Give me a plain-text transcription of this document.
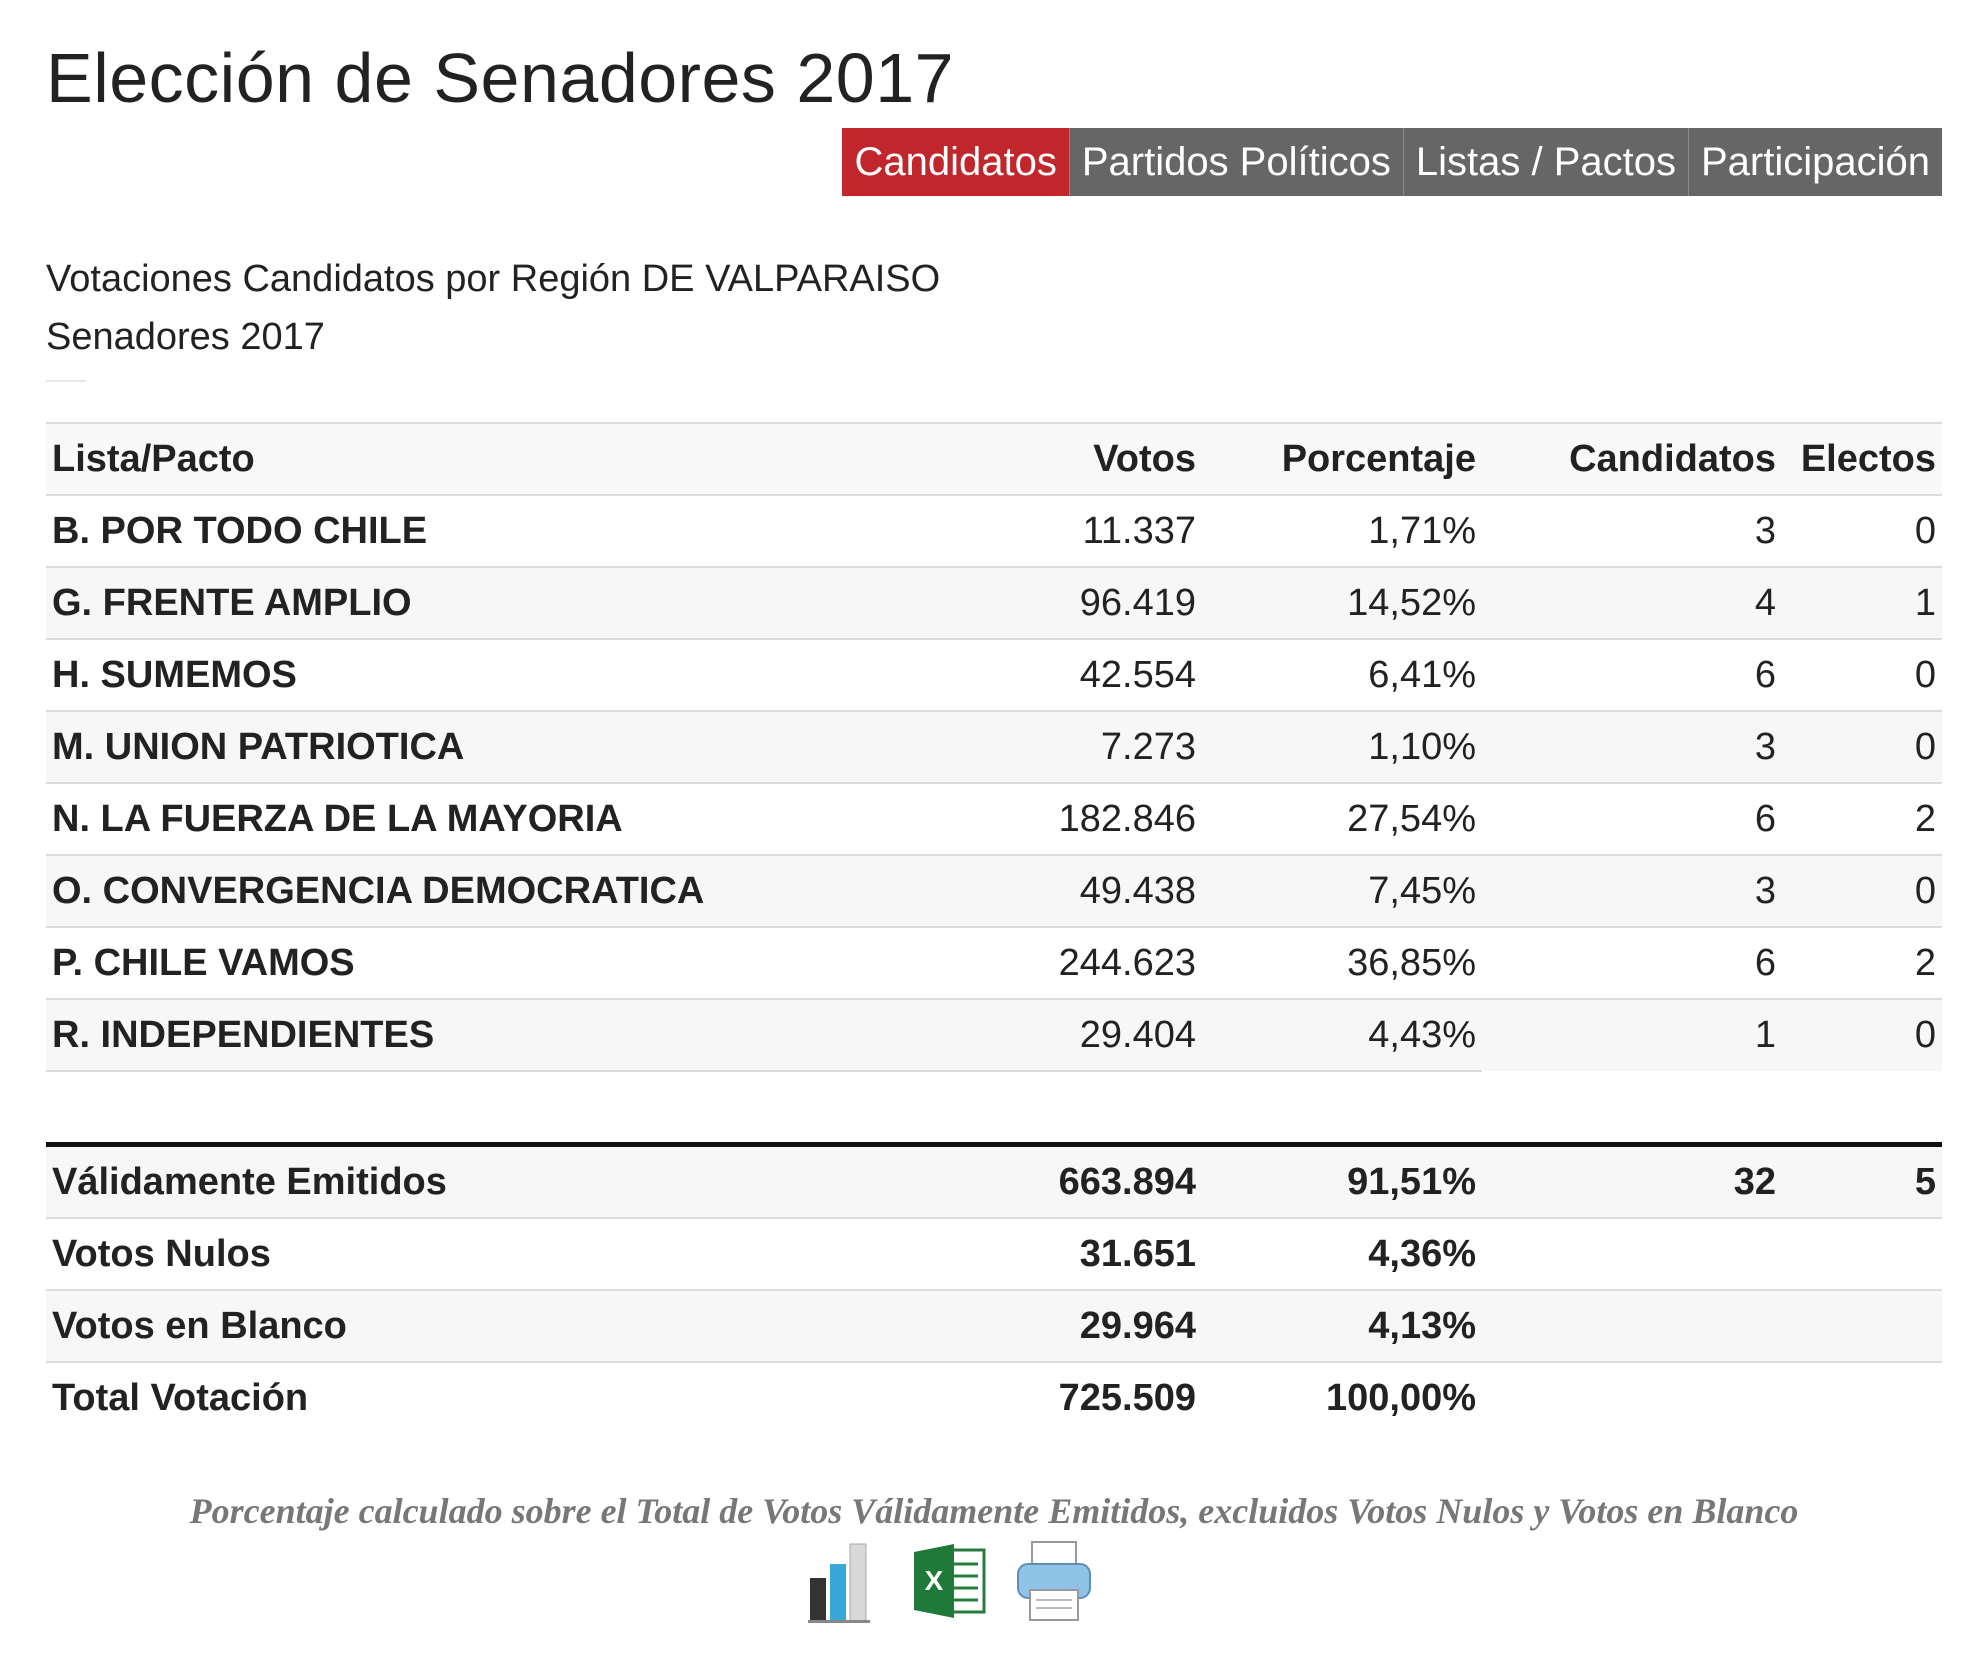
Elección de Senadores 2017
Candidatos Partidos Políticos Listas / Pactos Participación
Votaciones Candidatos por Región DE VALPARAISO
Senadores 2017
Lista/Pacto	Votos	Porcentaje	Candidatos	Electos
B. POR TODO CHILE	11.337	1,71%	3	0
G. FRENTE AMPLIO	96.419	14,52%	4	1
H. SUMEMOS	42.554	6,41%	6	0
M. UNION PATRIOTICA	7.273	1,10%	3	0
N. LA FUERZA DE LA MAYORIA	182.846	27,54%	6	2
O. CONVERGENCIA DEMOCRATICA	49.438	7,45%	3	0
P. CHILE VAMOS	244.623	36,85%	6	2
R. INDEPENDIENTES	29.404	4,43%	1	0
Válidamente Emitidos	663.894	91,51%	32	5
Votos Nulos	31.651	4,36%		
Votos en Blanco	29.964	4,13%		
Total Votación	725.509	100,00%		
Porcentaje calculado sobre el Total de Votos Válidamente Emitidos, excluidos Votos Nulos y Votos en Blanco
X
